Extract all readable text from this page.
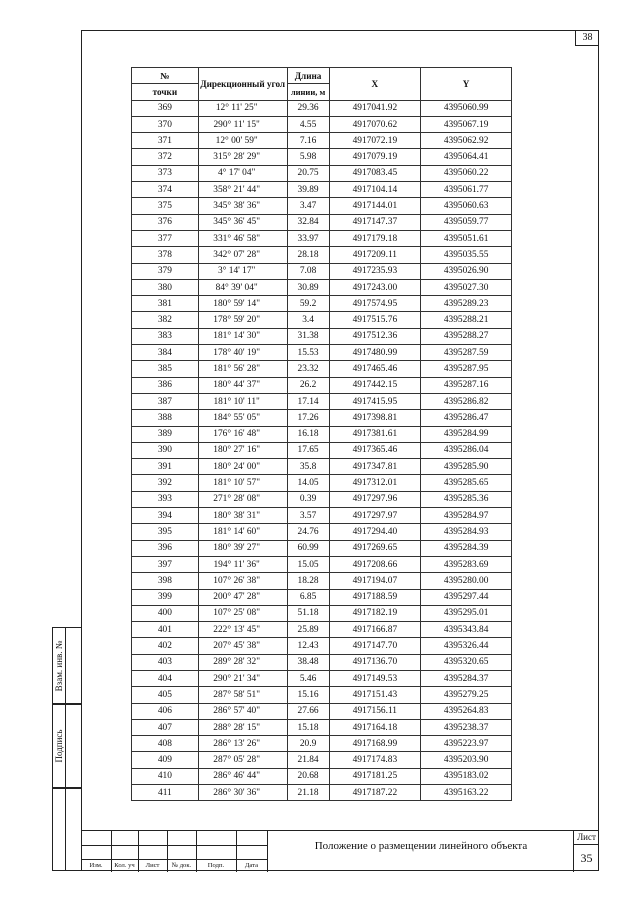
38
Взам. инв. №
Подпись
№	Дирекционный угол	Длина	X	Y
точки		линии, м		
369	12° 11' 25"	29.36	4917041.92	4395060.99
370	290° 11' 15"	4.55	4917070.62	4395067.19
371	12° 00' 59"	7.16	4917072.19	4395062.92
372	315° 28' 29"	5.98	4917079.19	4395064.41
373	4° 17' 04"	20.75	4917083.45	4395060.22
374	358° 21' 44"	39.89	4917104.14	4395061.77
375	345° 38' 36"	3.47	4917144.01	4395060.63
376	345° 36' 45"	32.84	4917147.37	4395059.77
377	331° 46' 58"	33.97	4917179.18	4395051.61
378	342° 07' 28"	28.18	4917209.11	4395035.55
379	3° 14' 17"	7.08	4917235.93	4395026.90
380	84° 39' 04"	30.89	4917243.00	4395027.30
381	180° 59' 14"	59.2	4917574.95	4395289.23
382	178° 59' 20"	3.4	4917515.76	4395288.21
383	181° 14' 30"	31.38	4917512.36	4395288.27
384	178° 40' 19"	15.53	4917480.99	4395287.59
385	181° 56' 28"	23.32	4917465.46	4395287.95
386	180° 44' 37"	26.2	4917442.15	4395287.16
387	181° 10' 11"	17.14	4917415.95	4395286.82
388	184° 55' 05"	17.26	4917398.81	4395286.47
389	176° 16' 48"	16.18	4917381.61	4395284.99
390	180° 27' 16"	17.65	4917365.46	4395286.04
391	180° 24' 00"	35.8	4917347.81	4395285.90
392	181° 10' 57"	14.05	4917312.01	4395285.65
393	271° 28' 08"	0.39	4917297.96	4395285.36
394	180° 38' 31"	3.57	4917297.97	4395284.97
395	181° 14' 60"	24.76	4917294.40	4395284.93
396	180° 39' 27"	60.99	4917269.65	4395284.39
397	194° 11' 36"	15.05	4917208.66	4395283.69
398	107° 26' 38"	18.28	4917194.07	4395280.00
399	200° 47' 28"	6.85	4917188.59	4395297.44
400	107° 25' 08"	51.18	4917182.19	4395295.01
401	222° 13' 45"	25.89	4917166.87	4395343.84
402	207° 45' 38"	12.43	4917147.70	4395326.44
403	289° 28' 32"	38.48	4917136.70	4395320.65
404	290° 21' 34"	5.46	4917149.53	4395284.37
405	287° 58' 51"	15.16	4917151.43	4395279.25
406	286° 57' 40"	27.66	4917156.11	4395264.83
407	288° 28' 15"	15.18	4917164.18	4395238.37
408	286° 13' 26"	20.9	4917168.99	4395223.97
409	287° 05' 28"	21.84	4917174.83	4395203.90
410	286° 46' 44"	20.68	4917181.25	4395183.02
411	286° 30' 36"	21.18	4917187.22	4395163.22
Изм.	Кол. уч	Лист	№ док.	Подп.	Дата
Положение о размещении линейного объекта
Лист
35
